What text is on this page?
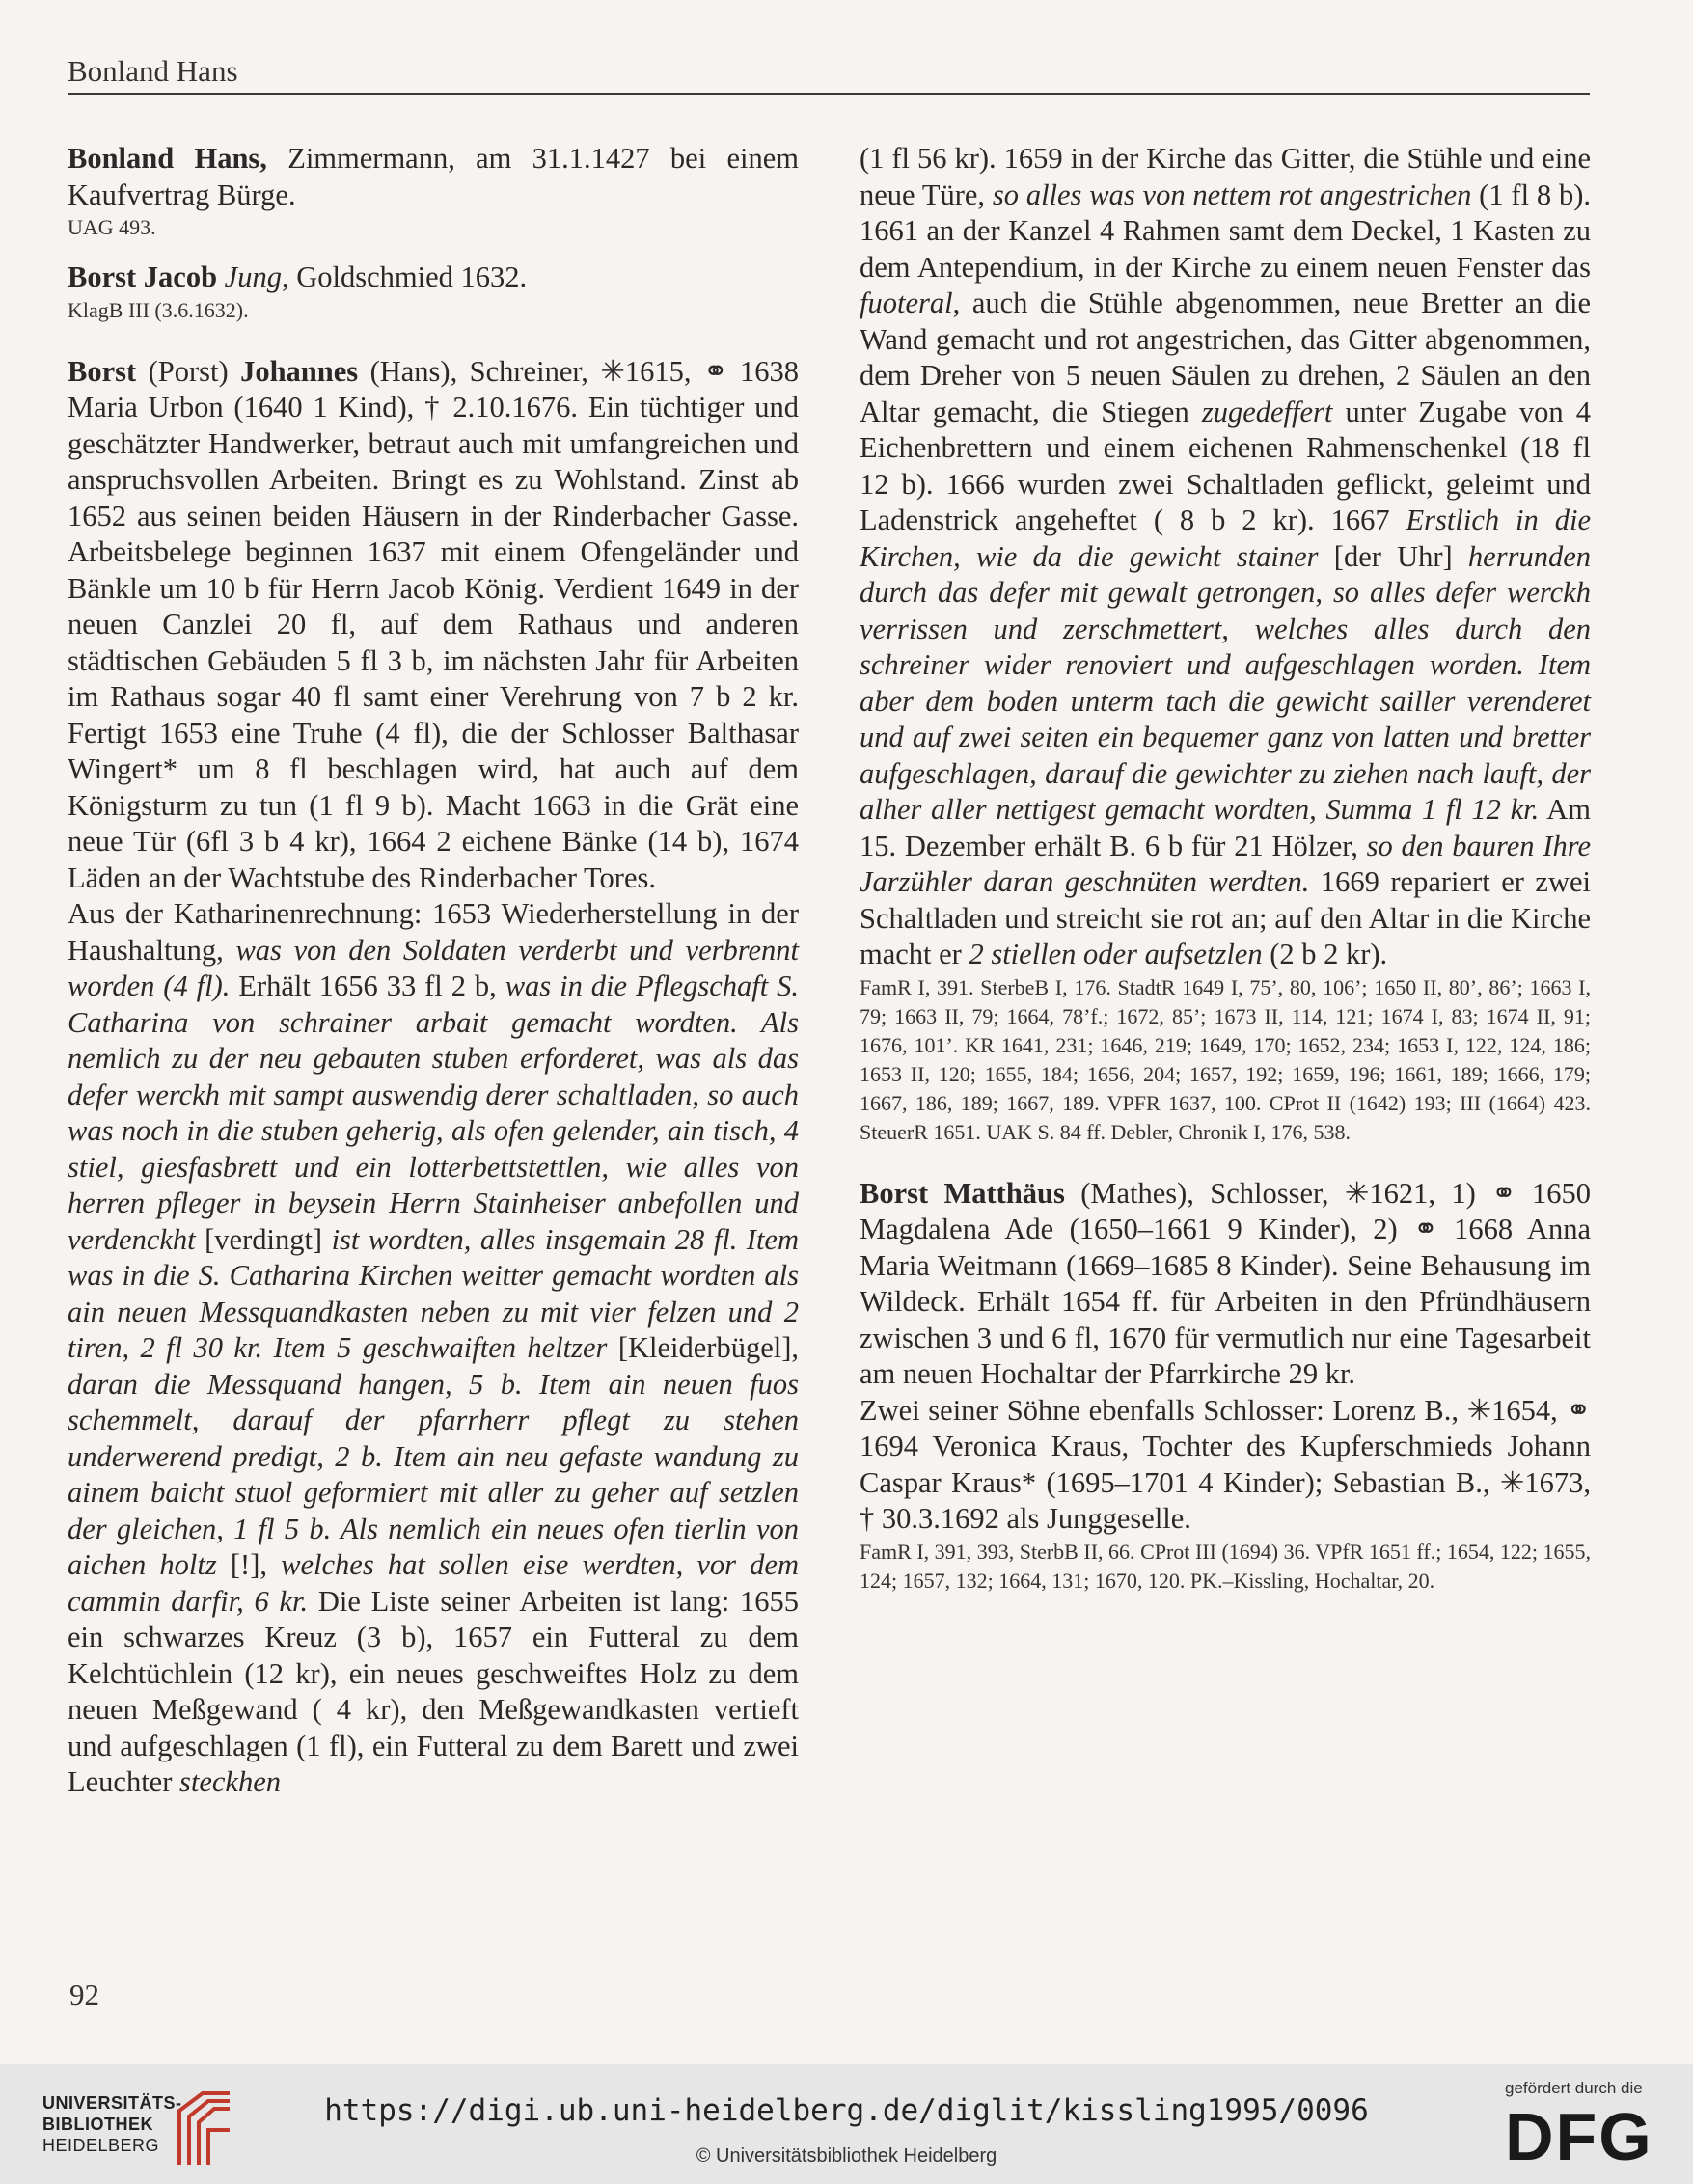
Bonland Hans

Bonland Hans, Zimmermann, am 31.1.1427 bei einem Kaufvertrag Bürge.

UAG 493.

Borst Jacob Jung, Goldschmied 1632.

KlagB III (3.6.1632).

Borst (Porst) Johannes (Hans), Schreiner, ✳1615, ⚭ 1638 Maria Urbon (1640 1 Kind), † 2.10.1676. Ein tüchtiger und geschätzter Handwerker, betraut auch mit umfangreichen und anspruchsvollen Arbeiten. Bringt es zu Wohlstand. Zinst ab 1652 aus seinen beiden Häusern in der Rinderbacher Gasse. Arbeitsbelege beginnen 1637 mit einem Ofengeländer und Bänkle um 10 b für Herrn Jacob König. Verdient 1649 in der neuen Canzlei 20 fl, auf dem Rathaus und anderen städtischen Gebäuden 5 fl 3 b, im nächsten Jahr für Arbeiten im Rathaus sogar 40 fl samt einer Verehrung von 7 b 2 kr. Fertigt 1653 eine Truhe (4 fl), die der Schlosser Balthasar Wingert* um 8 fl beschlagen wird, hat auch auf dem Königsturm zu tun (1 fl 9 b). Macht 1663 in die Grät eine neue Tür (6fl 3 b 4 kr), 1664 2 eichene Bänke (14 b), 1674 Läden an der Wachtstube des Rinderbacher Tores.

Aus der Katharinenrechnung: 1653 Wiederherstellung in der Haushaltung, was von den Soldaten verderbt und verbrennt worden (4 fl). Erhält 1656 33 fl 2 b, was in die Pflegschaft S. Catharina von schrainer arbait gemacht wordten. Als nemlich zu der neu gebauten stuben erforderet, was als das defer werckh mit sampt auswendig derer schaltladen, so auch was noch in die stuben geherig, als ofen gelender, ain tisch, 4 stiel, giesfasbrett und ein lotterbettstettlen, wie alles von herren pfleger in beysein Herrn Stainheiser anbefollen und verdenckht [verdingt] ist wordten, alles insgemain 28 fl. Item was in die S. Catharina Kirchen weitter gemacht wordten als ain neuen Messquandkasten neben zu mit vier felzen und 2 tiren, 2 fl 30 kr. Item 5 geschwaiften heltzer [Kleiderbügel], daran die Messquand hangen, 5 b. Item ain neuen fuos schemmelt, darauf der pfarrherr pflegt zu stehen underwerend predigt, 2 b. Item ain neu gefaste wandung zu ainem baicht stuol geformiert mit aller zu geher auf setzlen der gleichen, 1 fl 5 b. Als nemlich ein neues ofen tierlin von aichen holtz [!], welches hat sollen eise werdten, vor dem cammin darfir, 6 kr. Die Liste seiner Arbeiten ist lang: 1655 ein schwarzes Kreuz (3 b), 1657 ein Futteral zu dem Kelchtüchlein (12 kr), ein neues geschweiftes Holz zu dem neuen Meßgewand ( 4 kr), den Meßgewandkasten vertieft und aufgeschlagen (1 fl), ein Futteral zu dem Barett und zwei Leuchter steckhen

(1 fl 56 kr). 1659 in der Kirche das Gitter, die Stühle und eine neue Türe, so alles was von nettem rot angestrichen (1 fl 8 b). 1661 an der Kanzel 4 Rahmen samt dem Deckel, 1 Kasten zu dem Antependium, in der Kirche zu einem neuen Fenster das fuoteral, auch die Stühle abgenommen, neue Bretter an die Wand gemacht und rot angestrichen, das Gitter abgenommen, dem Dreher von 5 neuen Säulen zu drehen, 2 Säulen an den Altar gemacht, die Stiegen zugedeffert unter Zugabe von 4 Eichenbrettern und einem eichenen Rahmenschenkel (18 fl 12 b). 1666 wurden zwei Schaltladen geflickt, geleimt und Ladenstrick angeheftet ( 8 b 2 kr). 1667 Erstlich in die Kirchen, wie da die gewicht stainer [der Uhr] herrunden durch das defer mit gewalt getrongen, so alles defer werckh verrissen und zerschmettert, welches alles durch den schreiner wider renoviert und aufgeschlagen worden. Item aber dem boden unterm tach die gewicht sailler verenderet und auf zwei seiten ein bequemer ganz von latten und bretter aufgeschlagen, darauf die gewichter zu ziehen nach lauft, der alher aller nettigest gemacht wordten, Summa 1 fl 12 kr. Am 15. Dezember erhält B. 6 b für 21 Hölzer, so den bauren Ihre Jarzühler daran geschnüten werdten. 1669 repariert er zwei Schaltladen und streicht sie rot an; auf den Altar in die Kirche macht er 2 stiellen oder aufsetzlen (2 b 2 kr).

FamR I, 391. SterbeB I, 176. StadtR 1649 I, 75’, 80, 106’; 1650 II, 80’, 86’; 1663 I, 79; 1663 II, 79; 1664, 78’f.; 1672, 85’; 1673 II, 114, 121; 1674 I, 83; 1674 II, 91; 1676, 101’. KR 1641, 231; 1646, 219; 1649, 170; 1652, 234; 1653 I, 122, 124, 186; 1653 II, 120; 1655, 184; 1656, 204; 1657, 192; 1659, 196; 1661, 189; 1666, 179; 1667, 186, 189; 1667, 189. VPFR 1637, 100. CProt II (1642) 193; III (1664) 423. SteuerR 1651. UAK S. 84 ff. Debler, Chronik I, 176, 538.

Borst Matthäus (Mathes), Schlosser, ✳1621, 1) ⚭ 1650 Magdalena Ade (1650–1661 9 Kinder), 2) ⚭ 1668 Anna Maria Weitmann (1669–1685 8 Kinder). Seine Behausung im Wildeck. Erhält 1654 ff. für Arbeiten in den Pfründhäusern zwischen 3 und 6 fl, 1670 für vermutlich nur eine Tagesarbeit am neuen Hochaltar der Pfarrkirche 29 kr.

Zwei seiner Söhne ebenfalls Schlosser: Lorenz B., ✳1654, ⚭ 1694 Veronica Kraus, Tochter des Kupferschmieds Johann Caspar Kraus* (1695–1701 4 Kinder); Sebastian B., ✳1673, † 30.3.1692 als Junggeselle.

FamR I, 391, 393, SterbB II, 66. CProt III (1694) 36. VPfR 1651 ff.; 1654, 122; 1655, 124; 1657, 132; 1664, 131; 1670, 120. PK.–Kissling, Hochaltar, 20.

92
UNIVERSITÄTS-
BIBLIOTHEK
HEIDELBERG
https://digi.ub.uni-heidelberg.de/diglit/kissling1995/0096
© Universitätsbibliothek Heidelberg
gefördert durch die
DFG
